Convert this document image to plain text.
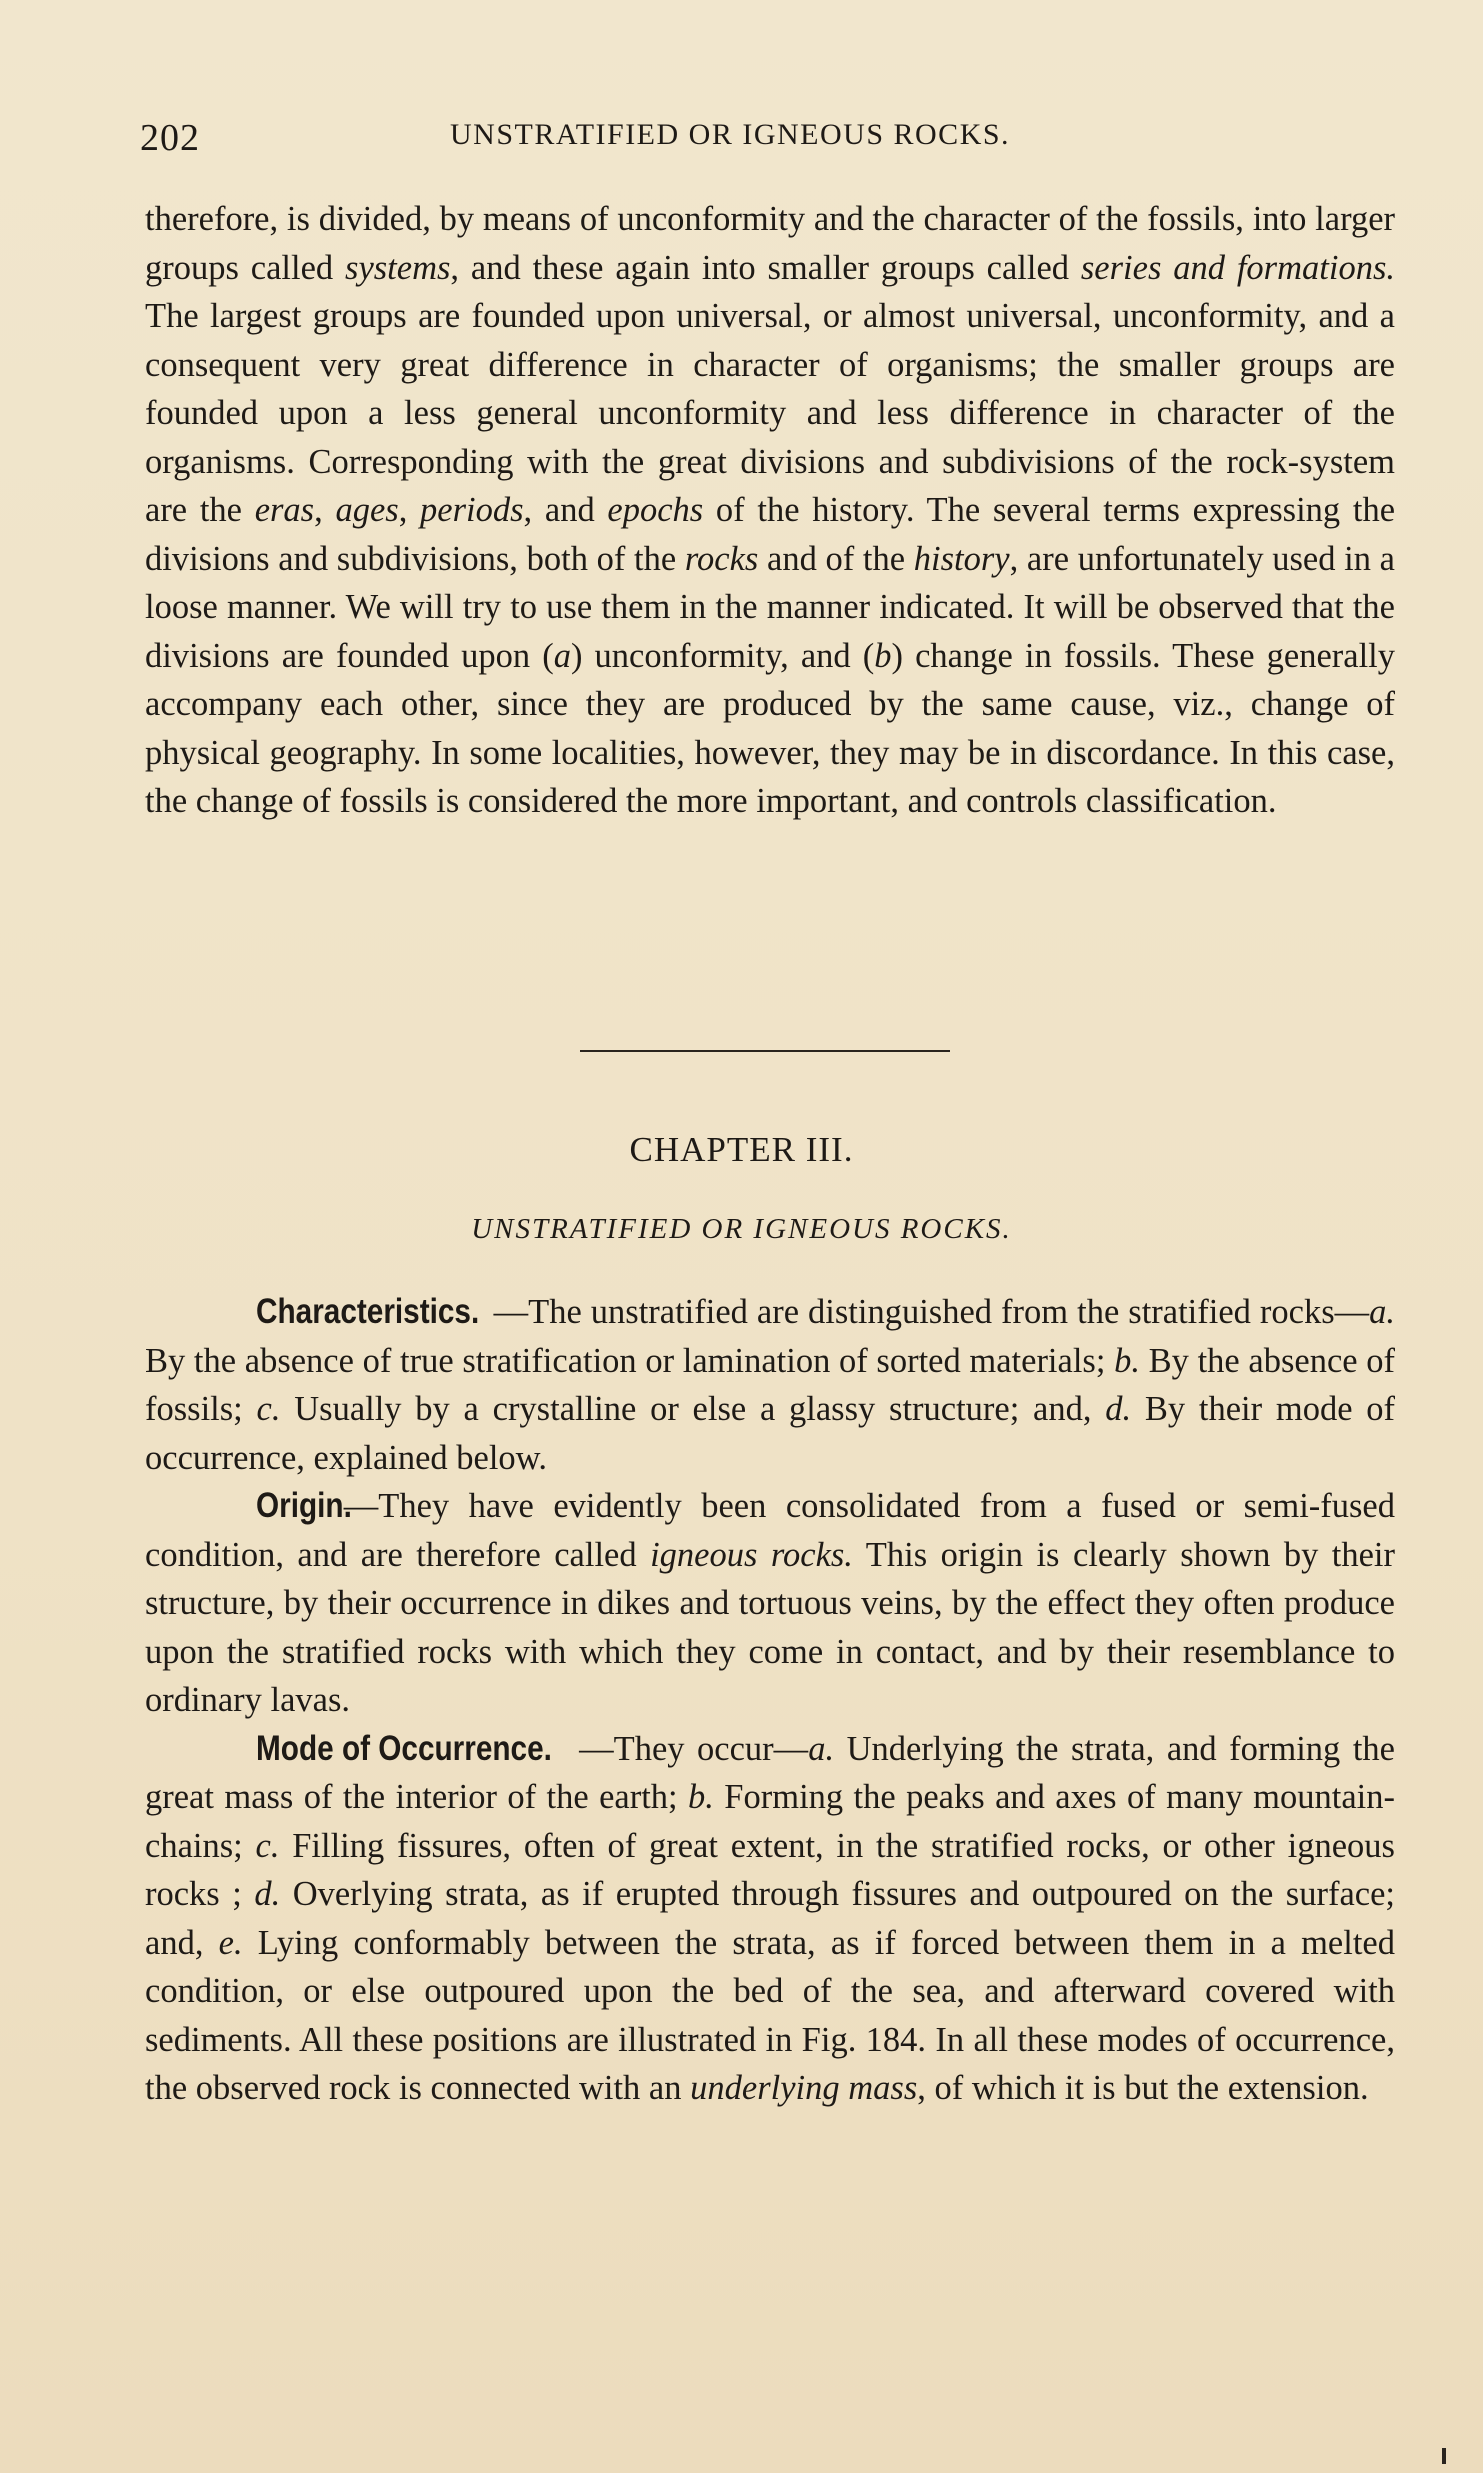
202	UNSTRATIFIED OR IGNEOUS ROCKS.

therefore, is divided, by means of unconformity and the character of the fossils, into larger groups called systems, and these again into smaller groups called series and formations. The largest groups are founded upon universal, or almost universal, unconformity, and a consequent very great difference in character of organisms; the smaller groups are founded upon a less general unconformity and less difference in character of the organisms. Corresponding with the great divisions and subdivisions of the rock-system are the eras, ages, periods, and epochs of the history. The several terms expressing the divisions and subdivisions, both of the rocks and of the history, are unfortunately used in a loose manner. We will try to use them in the manner indicated. It will be observed that the divisions are founded upon (a) unconformity, and (b) change in fossils. These generally accompany each other, since they are produced by the same cause, viz., change of physical geography. In some localities, however, they may be in discordance. In this case, the change of fossils is considered the more important, and controls classification.

CHAPTER III.
UNSTRATIFIED OR IGNEOUS ROCKS.

Characteristics. —The unstratified are distinguished from the stratified rocks—a. By the absence of true stratification or lamination of sorted materials; b. By the absence of fossils; c. Usually by a crystalline or else a glassy structure; and, d. By their mode of occurrence, explained below.

Origin.—They have evidently been consolidated from a fused or semi-fused condition, and are therefore called igneous rocks. This origin is clearly shown by their structure, by their occurrence in dikes and tortuous veins, by the effect they often produce upon the stratified rocks with which they come in contact, and by their resemblance to ordinary lavas.

Mode of Occurrence. —They occur—a. Underlying the strata, and forming the great mass of the interior of the earth; b. Forming the peaks and axes of many mountain-chains; c. Filling fissures, often of great extent, in the stratified rocks, or other igneous rocks ; d. Overlying strata, as if erupted through fissures and outpoured on the surface; and, e. Lying conformably between the strata, as if forced between them in a melted condition, or else outpoured upon the bed of the sea, and afterward covered with sediments. All these positions are illustrated in Fig. 184. In all these modes of occurrence, the observed rock is connected with an underlying mass, of which it is but the extension.
